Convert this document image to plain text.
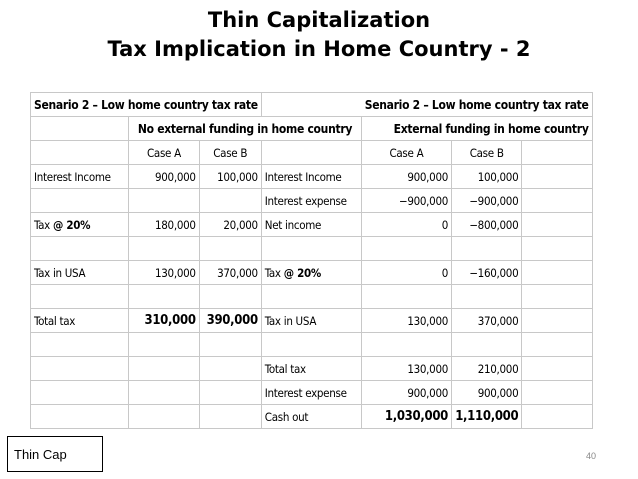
Thin Capitalization
Tax Implication in Home Country - 2
Senario 2 – Low home country tax rate				Senario 2 – Low home country tax rate		
	No external funding in home country			External funding in home country		
	Case A	Case B		Case A	Case B	
Interest Income	900,000	100,000	Interest Income	900,000	100,000	
			Interest expense	−900,000	−900,000	
Tax @ 20%	180,000	20,000	Net income	0	−800,000	

Tax in USA	130,000	370,000	Tax @ 20%	0	−160,000	

Total tax	310,000	390,000	Tax in USA	130,000	370,000	

			Total tax	130,000	210,000	
			Interest expense	900,000	900,000	
			Cash out	1,030,000	1,110,000	
Thin Cap	40
